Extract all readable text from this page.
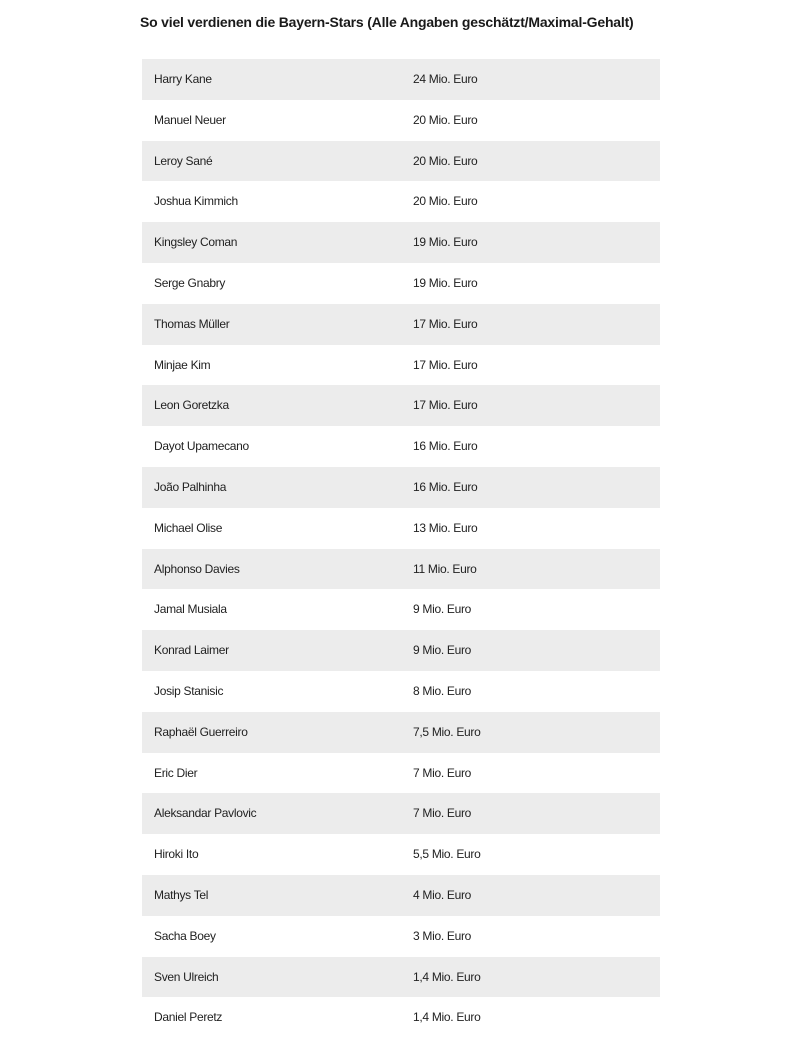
So viel verdienen die Bayern-Stars (Alle Angaben geschätzt/Maximal-Gehalt)
Harry Kane	24 Mio. Euro
Manuel Neuer	20 Mio. Euro
Leroy Sané	20 Mio. Euro
Joshua Kimmich	20 Mio. Euro
Kingsley Coman	19 Mio. Euro
Serge Gnabry	19 Mio. Euro
Thomas Müller	17 Mio. Euro
Minjae Kim	17 Mio. Euro
Leon Goretzka	17 Mio. Euro
Dayot Upamecano	16 Mio. Euro
João Palhinha	16 Mio. Euro
Michael Olise	13 Mio. Euro
Alphonso Davies	11 Mio. Euro
Jamal Musiala	9 Mio. Euro
Konrad Laimer	9 Mio. Euro
Josip Stanisic	8 Mio. Euro
Raphaël Guerreiro	7,5 Mio. Euro
Eric Dier	7 Mio. Euro
Aleksandar Pavlovic	7 Mio. Euro
Hiroki Ito	5,5 Mio. Euro
Mathys Tel	4 Mio. Euro
Sacha Boey	3 Mio. Euro
Sven Ulreich	1,4 Mio. Euro
Daniel Peretz	1,4 Mio. Euro
